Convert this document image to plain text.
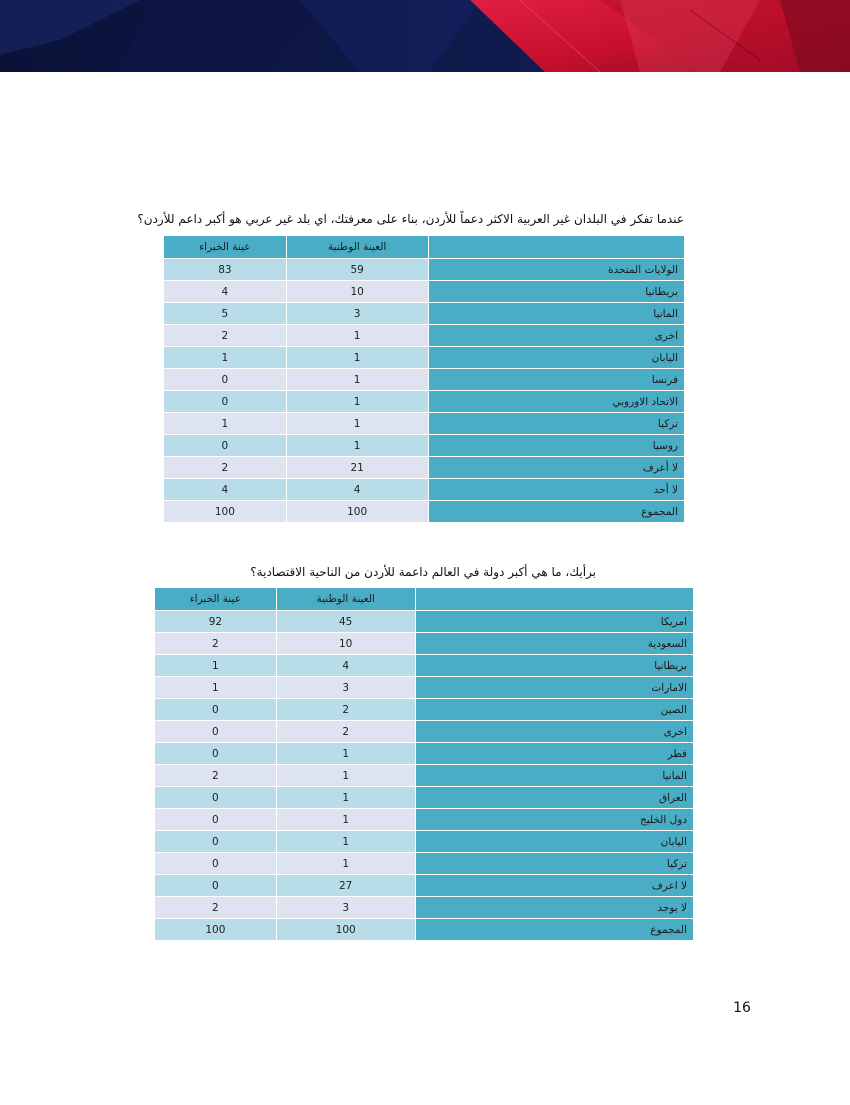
عندما تفكر في البلدان غير العربية الاكثر دعماً للأردن، بناء على معرفتك، اي بلد غير عربي هو أكبر داعم للأردن؟
	العينة الوطنية	عينة الخبراء
الولايات المتحدة	59	83
بريطانيا	10	4
المانيا	3	5
اخرى	1	2
اليابان	1	1
فرنسا	1	0
الاتحاد الاوروبي	1	0
تركيا	1	1
روسيا	1	0
لا أعرف	21	2
لا أحد	4	4
المجموع	100	100
برأيك، ما هي أكبر دولة في العالم داعمة للأردن من الناحية الاقتصادية؟
	العينة الوطنية	عينة الخبراء
امريكا	45	92
السعودية	10	2
بريطانيا	4	1
الامارات	3	1
الصين	2	0
اخرى	2	0
قطر	1	0
المانيا	1	2
العراق	1	0
دول الخليج	1	0
اليابان	1	0
تركيا	1	0
لا اعرف	27	0
لا يوجد	3	2
المجموع	100	100
16
